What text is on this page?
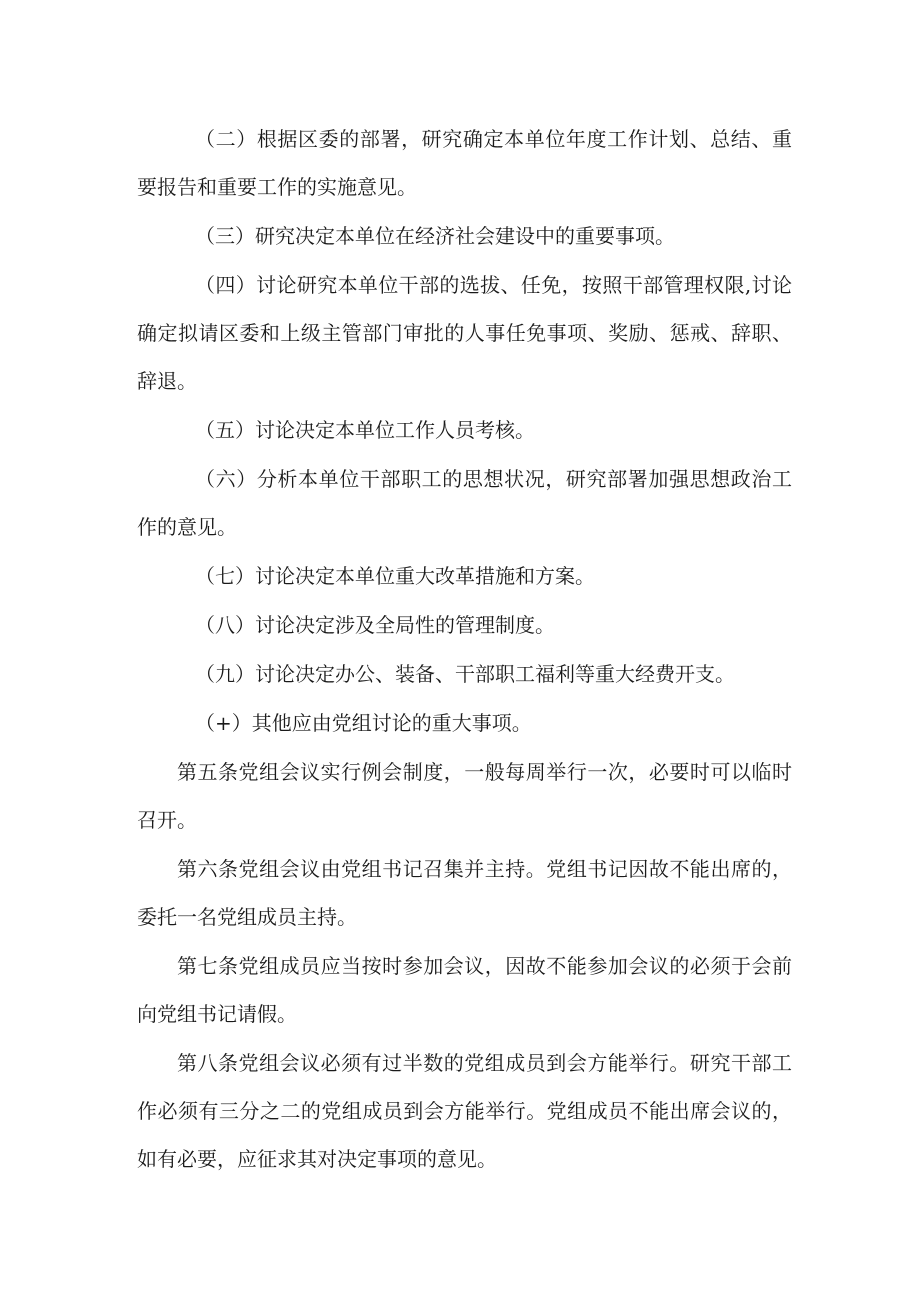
（二）根据区委的部署，研究确定本单位年度工作计划、总结、重要报告和重要工作的实施意见。

（三）研究决定本单位在经济社会建设中的重要事项。

（四）讨论研究本单位干部的选拔、任免，按照干部管理权限,讨论确定拟请区委和上级主管部门审批的人事任免事项、奖励、惩戒、辞职、辞退。

（五）讨论决定本单位工作人员考核。

（六）分析本单位干部职工的思想状况，研究部署加强思想政治工作的意见。

（七）讨论决定本单位重大改革措施和方案。

（八）讨论决定涉及全局性的管理制度。

（九）讨论决定办公、装备、干部职工福利等重大经费开支。

（+）其他应由党组讨论的重大事项。

第五条党组会议实行例会制度，一般每周举行一次，必要时可以临时召开。

第六条党组会议由党组书记召集并主持。党组书记因故不能出席的，委托一名党组成员主持。

第七条党组成员应当按时参加会议，因故不能参加会议的必须于会前向党组书记请假。

第八条党组会议必须有过半数的党组成员到会方能举行。研究干部工作必须有三分之二的党组成员到会方能举行。党组成员不能出席会议的，如有必要，应征求其对决定事项的意见。
